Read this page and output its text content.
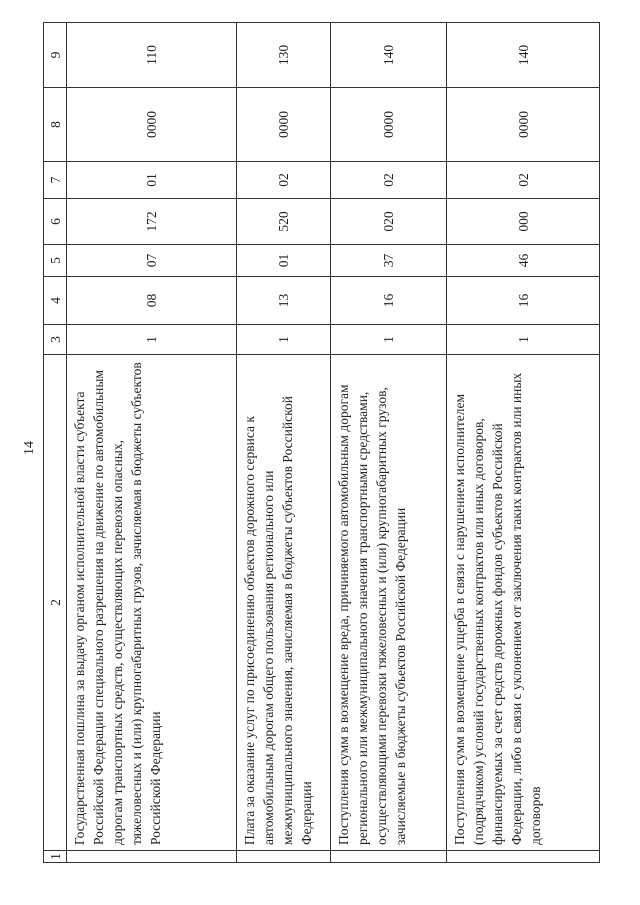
14
1	2	3	4	5	6	7	8	9
	Государственная пошлина за выдачу органом исполнительной власти субъекта Российской Федерации специального разрешения на движение по автомобильным дорогам транспортных средств, осуществляющих перевозки опасных, тяжеловесных и (или) крупногабаритных грузов, зачисляемая в бюджеты субъектов Российской Федерации	1	08	07	172	01	0000	110
	Плата за оказание услуг по присоединению объектов дорожного сервиса к автомобильным дорогам общего пользования регионального или межмуниципального значения, зачисляемая в бюджеты субъектов Российской Федерации	1	13	01	520	02	0000	130
	Поступления сумм в возмещение вреда, причиняемого автомобильным дорогам регионального или межмуниципального значения транспортными средствами, осуществляющими перевозки тяжеловесных и (или) крупногабаритных грузов, зачисляемые в бюджеты субъектов Российской Федерации	1	16	37	020	02	0000	140
	Поступления сумм в возмещение ущерба в связи с нарушением исполнителем (подрядчиком) условий государственных контрактов или иных договоров, финансируемых за счет средств дорожных фондов субъектов Российской Федерации, либо в связи с уклонением от заключения таких контрактов или иных договоров	1	16	46	000	02	0000	140
